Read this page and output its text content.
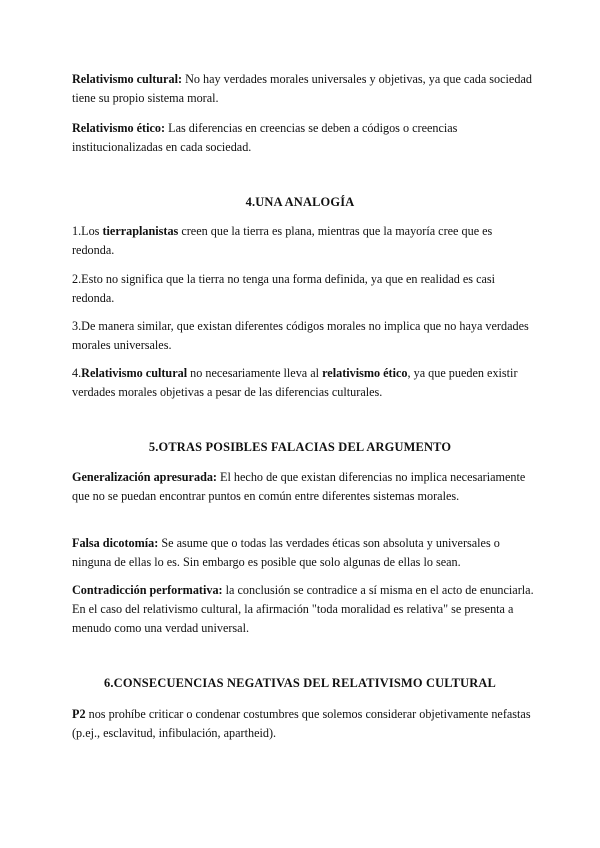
Relativismo cultural: No hay verdades morales universales y objetivas, ya que cada sociedad tiene su propio sistema moral.

Relativismo ético: Las diferencias en creencias se deben a códigos o creencias institucionalizadas en cada sociedad.

4.UNA ANALOGÍA

1.Los tierraplanistas creen que la tierra es plana, mientras que la mayoría cree que es redonda.

2.Esto no significa que la tierra no tenga una forma definida, ya que en realidad es casi redonda.

3.De manera similar, que existan diferentes códigos morales no implica que no haya verdades morales universales.

4.Relativismo cultural no necesariamente lleva al relativismo ético, ya que pueden existir verdades morales objetivas a pesar de las diferencias culturales.

5.OTRAS POSIBLES FALACIAS DEL ARGUMENTO

Generalización apresurada: El hecho de que existan diferencias no implica necesariamente que no se puedan encontrar puntos en común entre diferentes sistemas morales.

Falsa dicotomía: Se asume que o todas las verdades éticas son absoluta y universales o ninguna de ellas lo es. Sin embargo es posible que solo algunas de ellas lo sean.

Contradicción performativa: la conclusión se contradice a sí misma en el acto de enunciarla. En el caso del relativismo cultural, la afirmación "toda moralidad es relativa" se presenta a menudo como una verdad universal.

6.CONSECUENCIAS NEGATIVAS DEL RELATIVISMO CULTURAL

P2 nos prohíbe criticar o condenar costumbres que solemos considerar objetivamente nefastas (p.ej., esclavitud, infibulación, apartheid).
